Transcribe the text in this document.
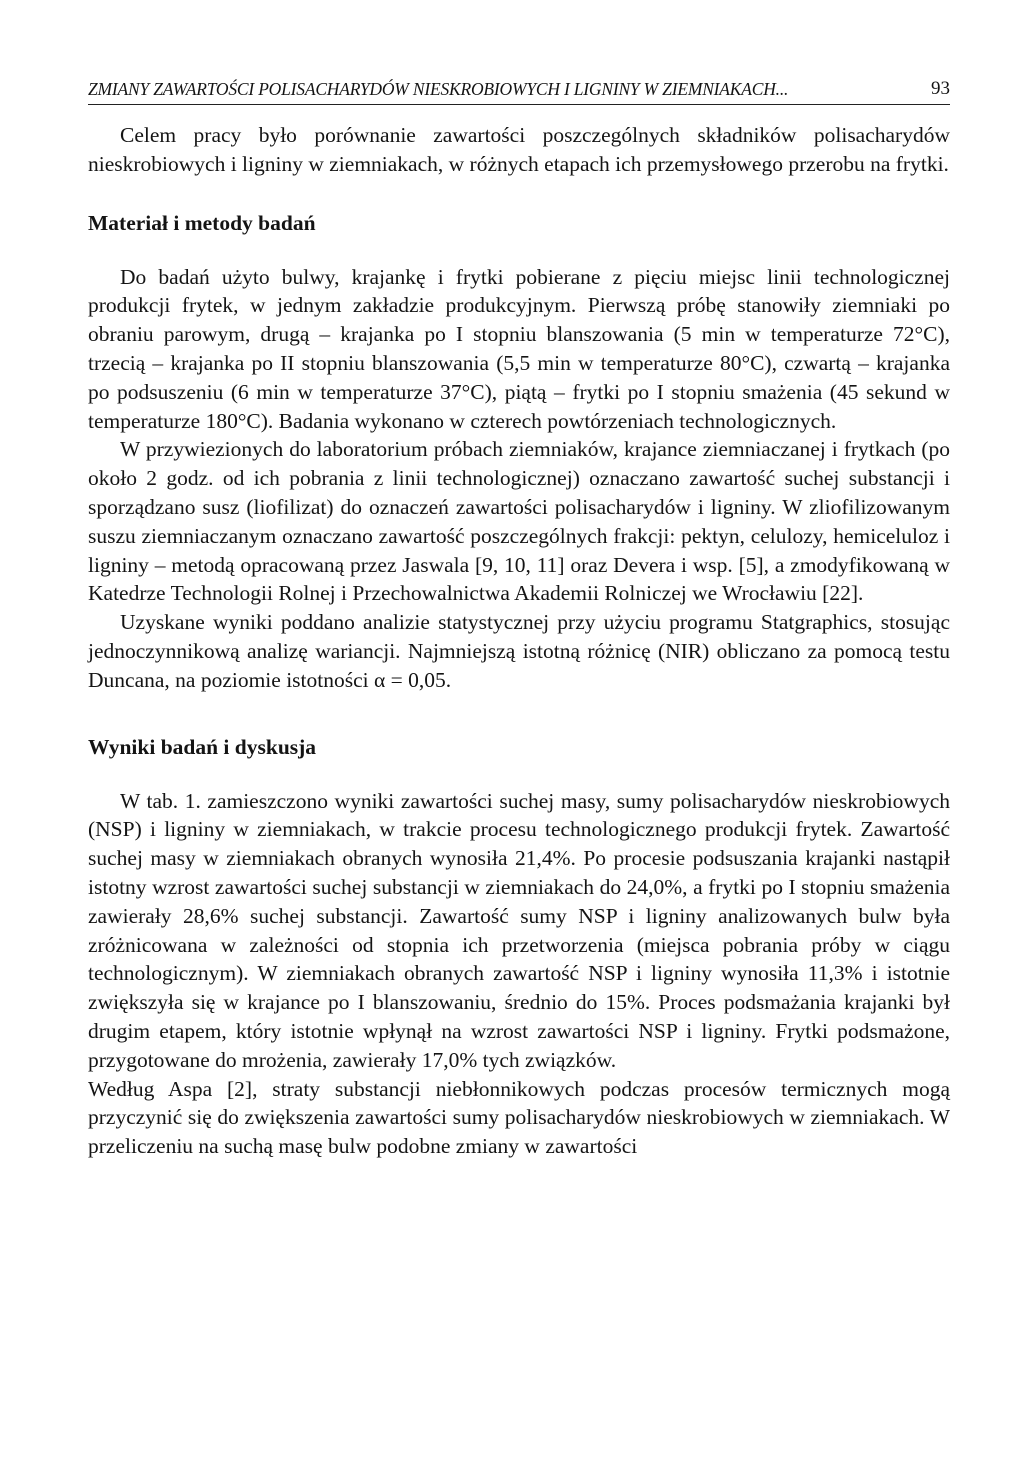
ZMIANY ZAWARTOŚCI POLISACHARYDÓW NIESKROBIOWYCH I LIGNINY W ZIEMNIAKACH...	93

Celem pracy było porównanie zawartości poszczególnych składników polisacharydów nieskrobiowych i ligniny w ziemniakach, w różnych etapach ich przemysłowego przerobu na frytki.

Materiał i metody badań

Do badań użyto bulwy, krajankę i frytki pobierane z pięciu miejsc linii technologicznej produkcji frytek, w jednym zakładzie produkcyjnym. Pierwszą próbę stanowiły ziemniaki po obraniu parowym, drugą – krajanka po I stopniu blanszowania (5 min w temperaturze 72°C), trzecią – krajanka po II stopniu blanszowania (5,5 min w temperaturze 80°C), czwartą – krajanka po podsuszeniu (6 min w temperaturze 37°C), piątą – frytki po I stopniu smażenia (45 sekund w temperaturze 180°C). Badania wykonano w czterech powtórzeniach technologicznych.

W przywiezionych do laboratorium próbach ziemniaków, krajance ziemniaczanej i frytkach (po około 2 godz. od ich pobrania z linii technologicznej) oznaczano zawartość suchej substancji i sporządzano susz (liofilizat) do oznaczeń zawartości polisacharydów i ligniny. W zliofilizowanym suszu ziemniaczanym oznaczano zawartość poszczególnych frakcji: pektyn, celulozy, hemiceluloz i ligniny – metodą opracowaną przez Jaswala [9, 10, 11] oraz Devera i wsp. [5], a zmodyfikowaną w Katedrze Technologii Rolnej i Przechowalnictwa Akademii Rolniczej we Wrocławiu [22].

Uzyskane wyniki poddano analizie statystycznej przy użyciu programu Statgraphics, stosując jednoczynnikową analizę wariancji. Najmniejszą istotną różnicę (NIR) obliczano za pomocą testu Duncana, na poziomie istotności α = 0,05.

Wyniki badań i dyskusja

W tab. 1. zamieszczono wyniki zawartości suchej masy, sumy polisacharydów nieskrobiowych (NSP) i ligniny w ziemniakach, w trakcie procesu technologicznego produkcji frytek. Zawartość suchej masy w ziemniakach obranych wynosiła 21,4%. Po procesie podsuszania krajanki nastąpił istotny wzrost zawartości suchej substancji w ziemniakach do 24,0%, a frytki po I stopniu smażenia zawierały 28,6% suchej substancji. Zawartość sumy NSP i ligniny analizowanych bulw była zróżnicowana w zależności od stopnia ich przetworzenia (miejsca pobrania próby w ciągu technologicznym). W ziemniakach obranych zawartość NSP i ligniny wynosiła 11,3% i istotnie zwiększyła się w krajance po I blanszowaniu, średnio do 15%. Proces podsmażania krajanki był drugim etapem, który istotnie wpłynął na wzrost zawartości NSP i ligniny. Frytki podsmażone, przygotowane do mrożenia, zawierały 17,0% tych związków.

Według Aspa [2], straty substancji niebłonnikowych podczas procesów termicznych mogą przyczynić się do zwiększenia zawartości sumy polisacharydów nieskrobiowych w ziemniakach. W przeliczeniu na suchą masę bulw podobne zmiany w zawartości
